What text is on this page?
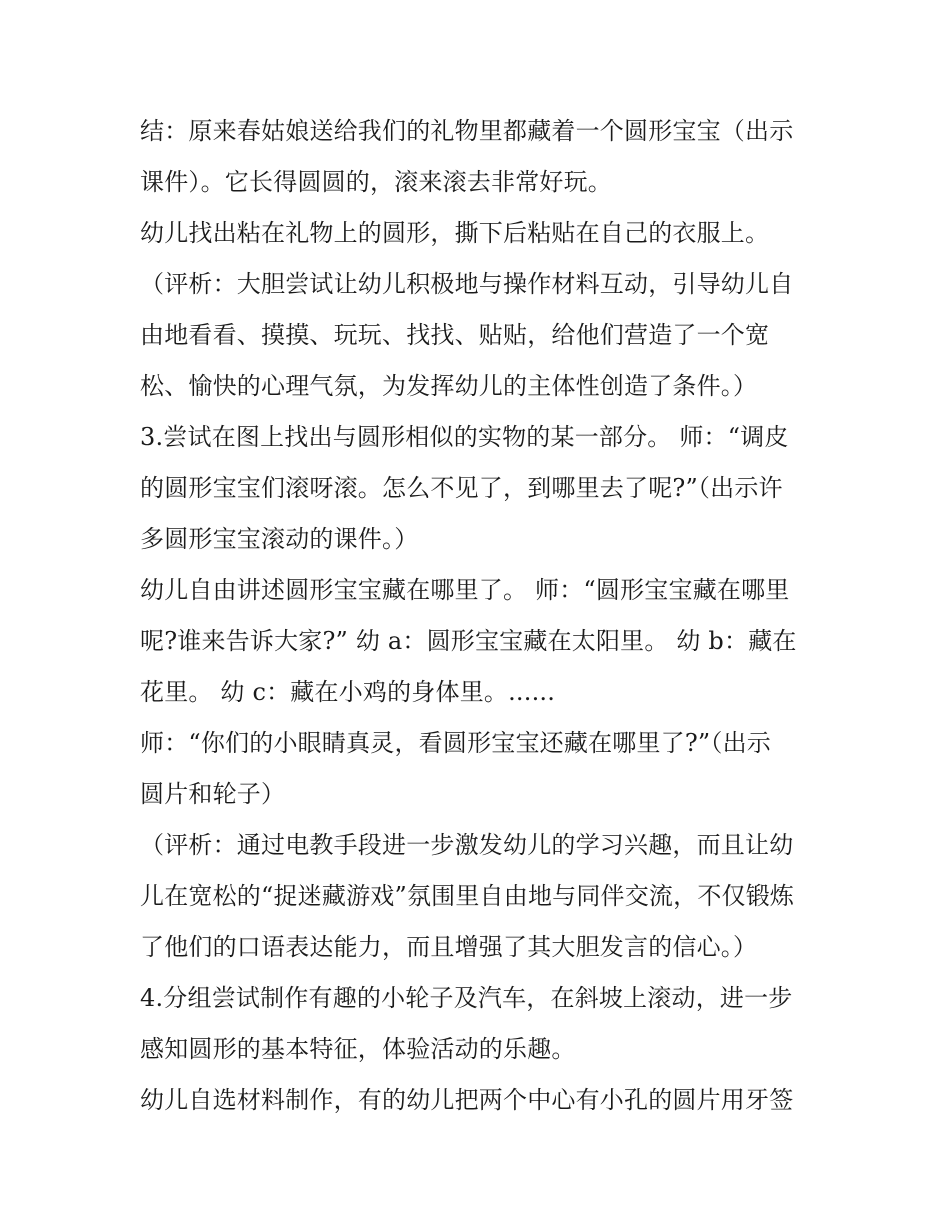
结：原来春姑娘送给我们的礼物里都藏着一个圆形宝宝（出示
课件）。它长得圆圆的，滚来滚去非常好玩。
幼儿找出粘在礼物上的圆形，撕下后粘贴在自己的衣服上。
（评析：大胆尝试让幼儿积极地与操作材料互动，引导幼儿自
由地看看、摸摸、玩玩、找找、贴贴，给他们营造了一个宽
松、愉快的心理气氛，为发挥幼儿的主体性创造了条件。）
3.尝试在图上找出与圆形相似的实物的某一部分。 师：“调皮
的圆形宝宝们滚呀滚。怎么不见了，到哪里去了呢?”（出示许
多圆形宝宝滚动的课件。）
幼儿自由讲述圆形宝宝藏在哪里了。 师：“圆形宝宝藏在哪里
呢?谁来告诉大家?” 幼 a：圆形宝宝藏在太阳里。 幼 b：藏在
花里。 幼 c：藏在小鸡的身体里。......
师：“你们的小眼睛真灵，看圆形宝宝还藏在哪里了?”（出示
圆片和轮子）
（评析：通过电教手段进一步激发幼儿的学习兴趣，而且让幼
儿在宽松的“捉迷藏游戏”氛围里自由地与同伴交流，不仅锻炼
了他们的口语表达能力，而且增强了其大胆发言的信心。）
4.分组尝试制作有趣的小轮子及汽车，在斜坡上滚动，进一步
感知圆形的基本特征，体验活动的乐趣。
幼儿自选材料制作，有的幼儿把两个中心有小孔的圆片用牙签
